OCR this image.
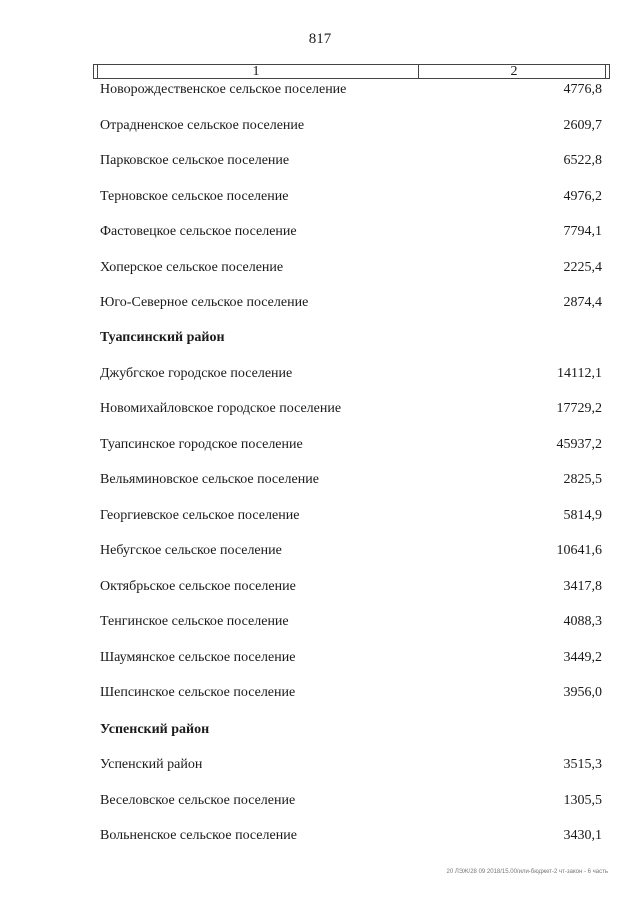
817
1	2
Новорождественское сельское поселение	4776,8
Отрадненское сельское поселение	2609,7
Парковское сельское поселение	6522,8
Терновское сельское поселение	4976,2
Фастовецкое сельское поселение	7794,1
Хоперское сельское поселение	2225,4
Юго-Северное сельское поселение	2874,4
Туапсинский район
Джубгское городское поселение	14112,1
Новомихайловское городское поселение	17729,2
Туапсинское городское поселение	45937,2
Вельяминовское сельское поселение	2825,5
Георгиевское сельское поселение	5814,9
Небугское сельское поселение	10641,6
Октябрьское сельское поселение	3417,8
Тенгинское сельское поселение	4088,3
Шаумянское сельское поселение	3449,2
Шепсинское сельское поселение	3956,0
Успенский район
Успенский район	3515,3
Веселовское сельское поселение	1305,5
Вольненское сельское поселение	3430,1
20 ЛЭЖ/28 09 2018/15.00/или-бюджет-2 чт-закон - 6 часть
